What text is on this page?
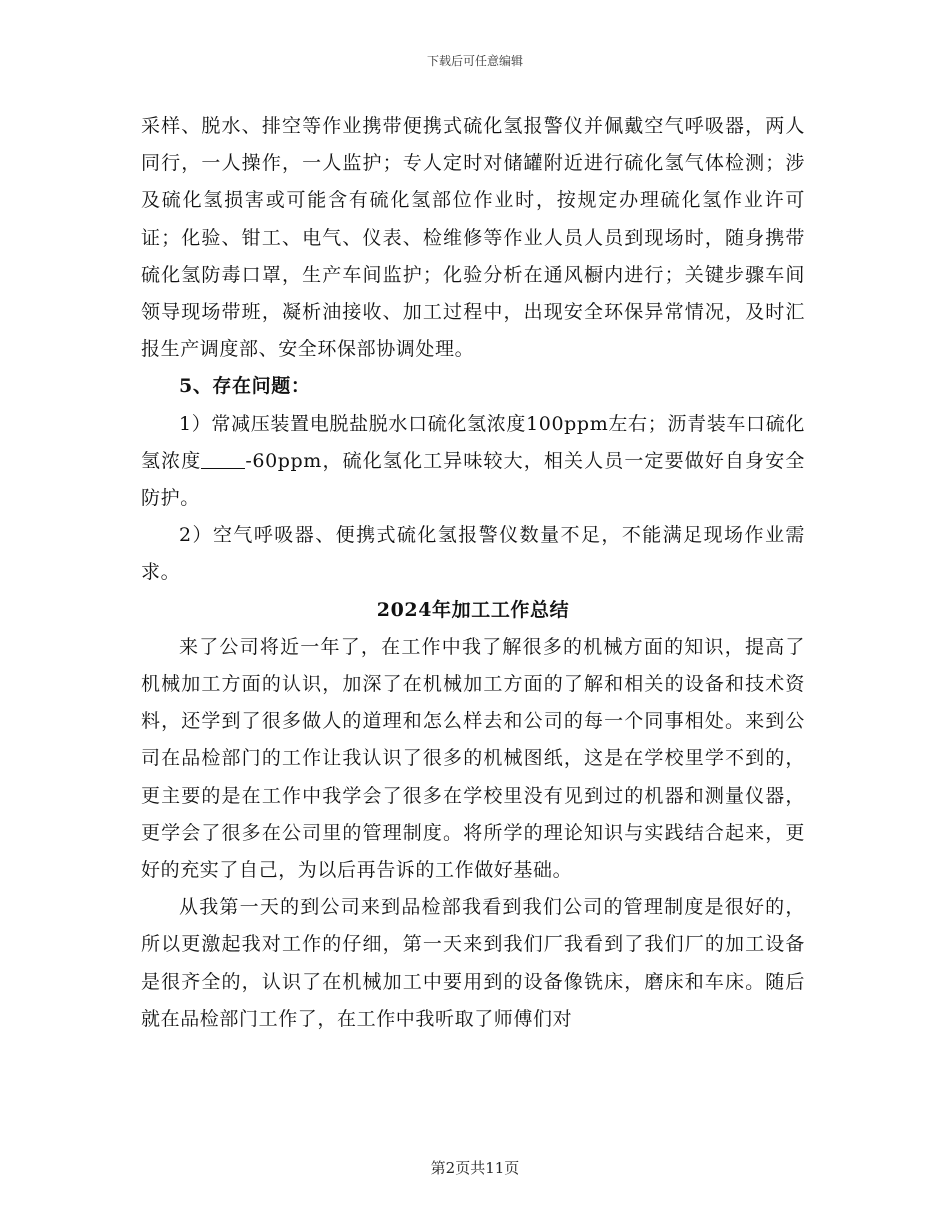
下载后可任意编辑

采样、脱水、排空等作业携带便携式硫化氢报警仪并佩戴空气呼吸器，两人同行，一人操作，一人监护；专人定时对储罐附近进行硫化氢气体检测；涉及硫化氢损害或可能含有硫化氢部位作业时，按规定办理硫化氢作业许可证；化验、钳工、电气、仪表、检维修等作业人员人员到现场时，随身携带硫化氢防毒口罩，生产车间监护；化验分析在通风橱内进行；关键步骤车间领导现场带班，凝析油接收、加工过程中，出现安全环保异常情况，及时汇报生产调度部、安全环保部协调处理。

5、存在问题：

1）常减压装置电脱盐脱水口硫化氢浓度100ppm左右；沥青装车口硫化氢浓度 -60ppm，硫化氢化工异味较大，相关人员一定要做好自身安全防护。

2）空气呼吸器、便携式硫化氢报警仪数量不足，不能满足现场作业需求。

2024年加工工作总结

来了公司将近一年了，在工作中我了解很多的机械方面的知识，提高了机械加工方面的认识，加深了在机械加工方面的了解和相关的设备和技术资料，还学到了很多做人的道理和怎么样去和公司的每一个同事相处。来到公司在品检部门的工作让我认识了很多的机械图纸，这是在学校里学不到的，更主要的是在工作中我学会了很多在学校里没有见到过的机器和测量仪器，更学会了很多在公司里的管理制度。将所学的理论知识与实践结合起来，更好的充实了自己，为以后再告诉的工作做好基础。

从我第一天的到公司来到品检部我看到我们公司的管理制度是很好的，所以更激起我对工作的仔细，第一天来到我们厂我看到了我们厂的加工设备是很齐全的，认识了在机械加工中要用到的设备像铣床，磨床和车床。随后就在品检部门工作了，在工作中我听取了师傅们对

第2页共11页
